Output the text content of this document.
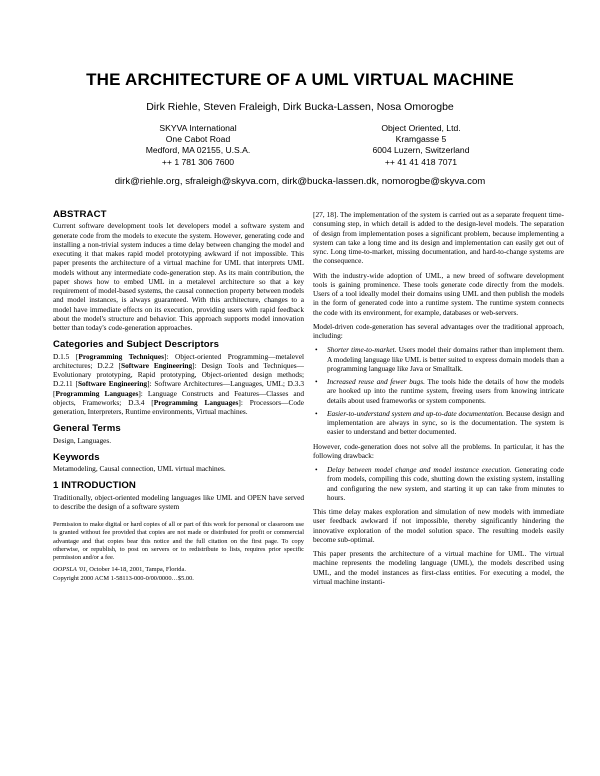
THE ARCHITECTURE OF A UML VIRTUAL MACHINE
Dirk Riehle, Steven Fraleigh, Dirk Bucka-Lassen, Nosa Omorogbe
SKYVA International
One Cabot Road
Medford, MA 02155, U.S.A.
++ 1 781 306 7600
Object Oriented, Ltd.
Kramgasse 5
6004 Luzern, Switzerland
++ 41 41 418 7071
dirk@riehle.org, sfraleigh@skyva.com, dirk@bucka-lassen.dk, nomorogbe@skyva.com
ABSTRACT

Current software development tools let developers model a software system and generate code from the models to execute the system. However, generating code and installing a non-trivial system induces a time delay between changing the model and executing it that makes rapid model prototyping awkward if not impossible. This paper presents the architecture of a virtual machine for UML that interprets UML models without any intermediate code-generation step. As its main contribution, the paper shows how to embed UML in a metalevel architecture so that a key requirement of model-based systems, the causal connection property between models and model instances, is always guaranteed. With this architecture, changes to a model have immediate effects on its execution, providing users with rapid feedback about the model's structure and behavior. This approach supports model innovation better than today's code-generation approaches.

Categories and Subject Descriptors

D.1.5 [Programming Techniques]: Object-oriented Programming—metalevel architectures; D.2.2 [Software Engineering]: Design Tools and Techniques—Evolutionary prototyping, Rapid prototyping, Object-oriented design methods; D.2.11 [Software Engineering]: Software Architectures—Languages, UML; D.3.3 [Programming Languages]: Language Constructs and Features—Classes and objects, Frameworks; D.3.4 [Programming Languages]: Processors—Code generation, Interpreters, Runtime environments, Virtual machines.

General Terms

Design, Languages.

Keywords

Metamodeling, Causal connection, UML virtual machines.

1 INTRODUCTION

Traditionally, object-oriented modeling languages like UML and OPEN have served to describe the design of a software system

Permission to make digital or hard copies of all or part of this work for personal or classroom use is granted without fee provided that copies are not made or distributed for profit or commercial advantage and that copies bear this notice and the full citation on the first page. To copy otherwise, or republish, to post on servers or to redistribute to lists, requires prior specific permission and/or a fee.

OOPSLA '01, October 14-18, 2001, Tampa, Florida.
Copyright 2000 ACM 1-58113-000-0/00/0000…$5.00.

[27, 18]. The implementation of the system is carried out as a separate frequent time-consuming step, in which detail is added to the design-level models. The separation of design from implementation poses a significant problem, because implementing a system can take a long time and its design and implementation can easily get out of sync. Long time-to-market, missing documentation, and hard-to-change systems are the consequence.

With the industry-wide adoption of UML, a new breed of software development tools is gaining prominence. These tools generate code directly from the models. Users of a tool ideally model their domains using UML and then publish the models in the form of generated code into a runtime system. The runtime system connects the code with its environment, for example, databases or web-servers.

Model-driven code-generation has several advantages over the traditional approach, including:

• Shorter time-to-market. Users model their domains rather than implement them. A modeling language like UML is better suited to express domain models than a programming language like Java or Smalltalk.
• Increased reuse and fewer bugs. The tools hide the details of how the models are hooked up into the runtime system, freeing users from knowing intricate details about used frameworks or system components.
• Easier-to-understand system and up-to-date documentation. Because design and implementation are always in sync, so is the documentation. The system is easier to understand and better documented.

However, code-generation does not solve all the problems. In particular, it has the following drawback:

• Delay between model change and model instance execution. Generating code from models, compiling this code, shutting down the existing system, installing and configuring the new system, and starting it up can take from minutes to hours.

This time delay makes exploration and simulation of new models with immediate user feedback awkward if not impossible, thereby significantly hindering the innovative exploration of the model solution space. The resulting models easily become sub-optimal.

This paper presents the architecture of a virtual machine for UML. The virtual machine represents the modeling language (UML), the models described using UML, and the model instances as first-class entities. For executing a model, the virtual machine instanti-
